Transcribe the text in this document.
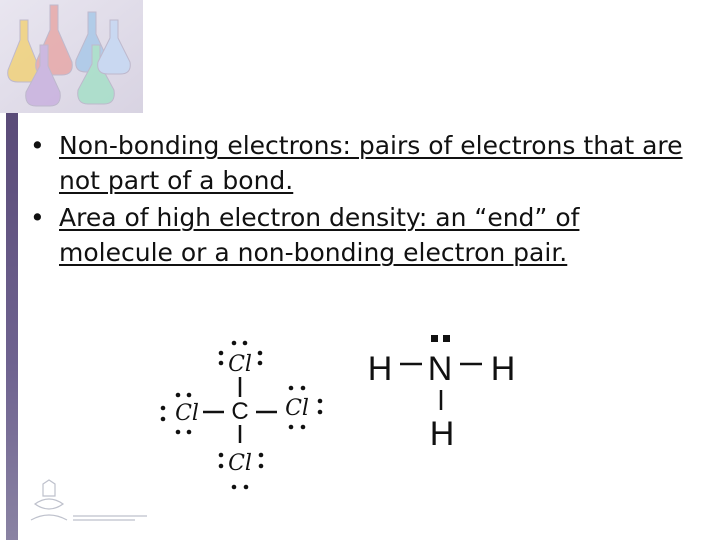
• Non-bonding electrons: pairs of electrons that are not part of a bond.
• Area of high electron density: an “end” of molecule or a non-bonding electron pair.
Cl
Cl	Cl
Cl
C
H N H
H
